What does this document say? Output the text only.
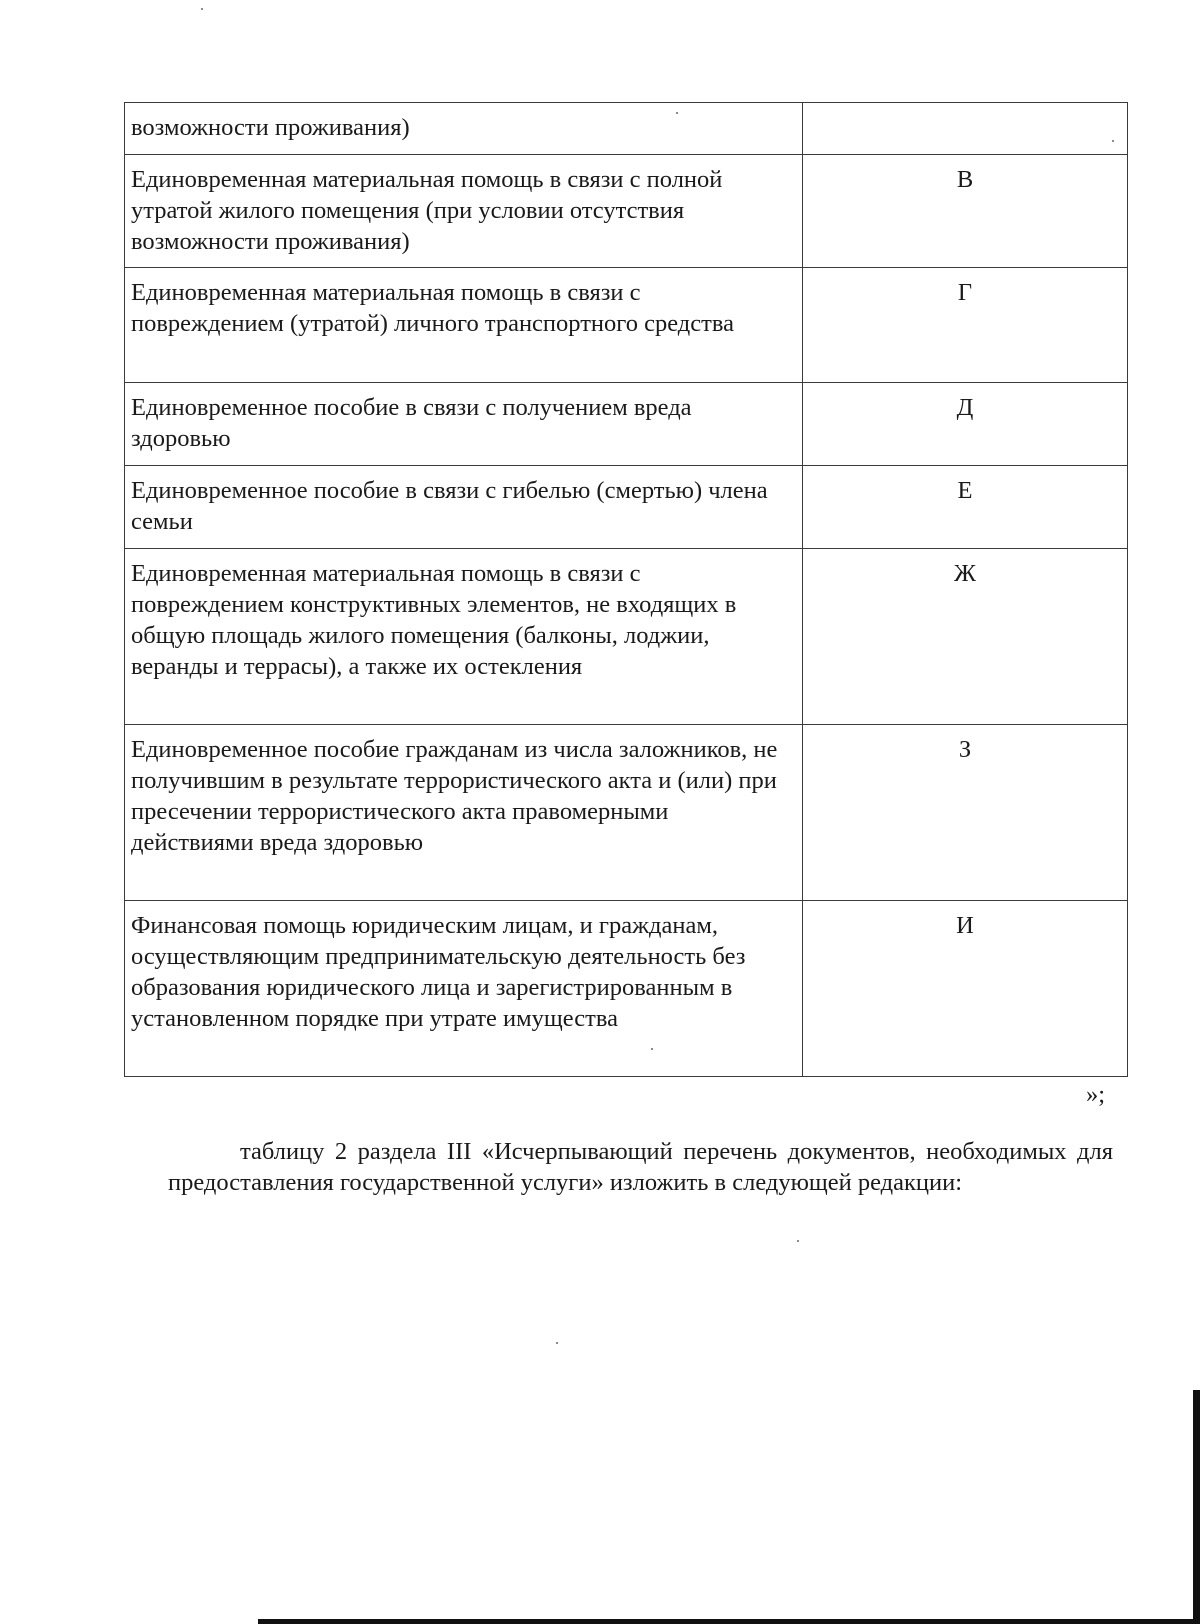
возможности проживания)	
Единовременная материальная помощь в связи с полной утратой жилого помещения (при условии отсутствия возможности проживания)	В
Единовременная материальная помощь в связи с повреждением (утратой) личного транспортного средства	Г
Единовременное пособие в связи с получением вреда здоровью	Д
Единовременное пособие в связи с гибелью (смертью) члена семьи	Е
Единовременная материальная помощь в связи с повреждением конструктивных элементов, не входящих в общую площадь жилого помещения (балконы, лоджии, веранды и террасы), а также их остекления	Ж
Единовременное пособие гражданам из числа заложников, не получившим в результате террористического акта и (или) при пресечении террористического акта правомерными действиями вреда здоровью	З
Финансовая помощь юридическим лицам, и гражданам, осуществляющим предпринимательскую деятельность без образования юридического лица и зарегистрированным в установленном порядке при утрате имущества	И
»;

таблицу 2 раздела III «Исчерпывающий перечень документов, необходимых для предоставления государственной услуги» изложить в следующей редакции:
